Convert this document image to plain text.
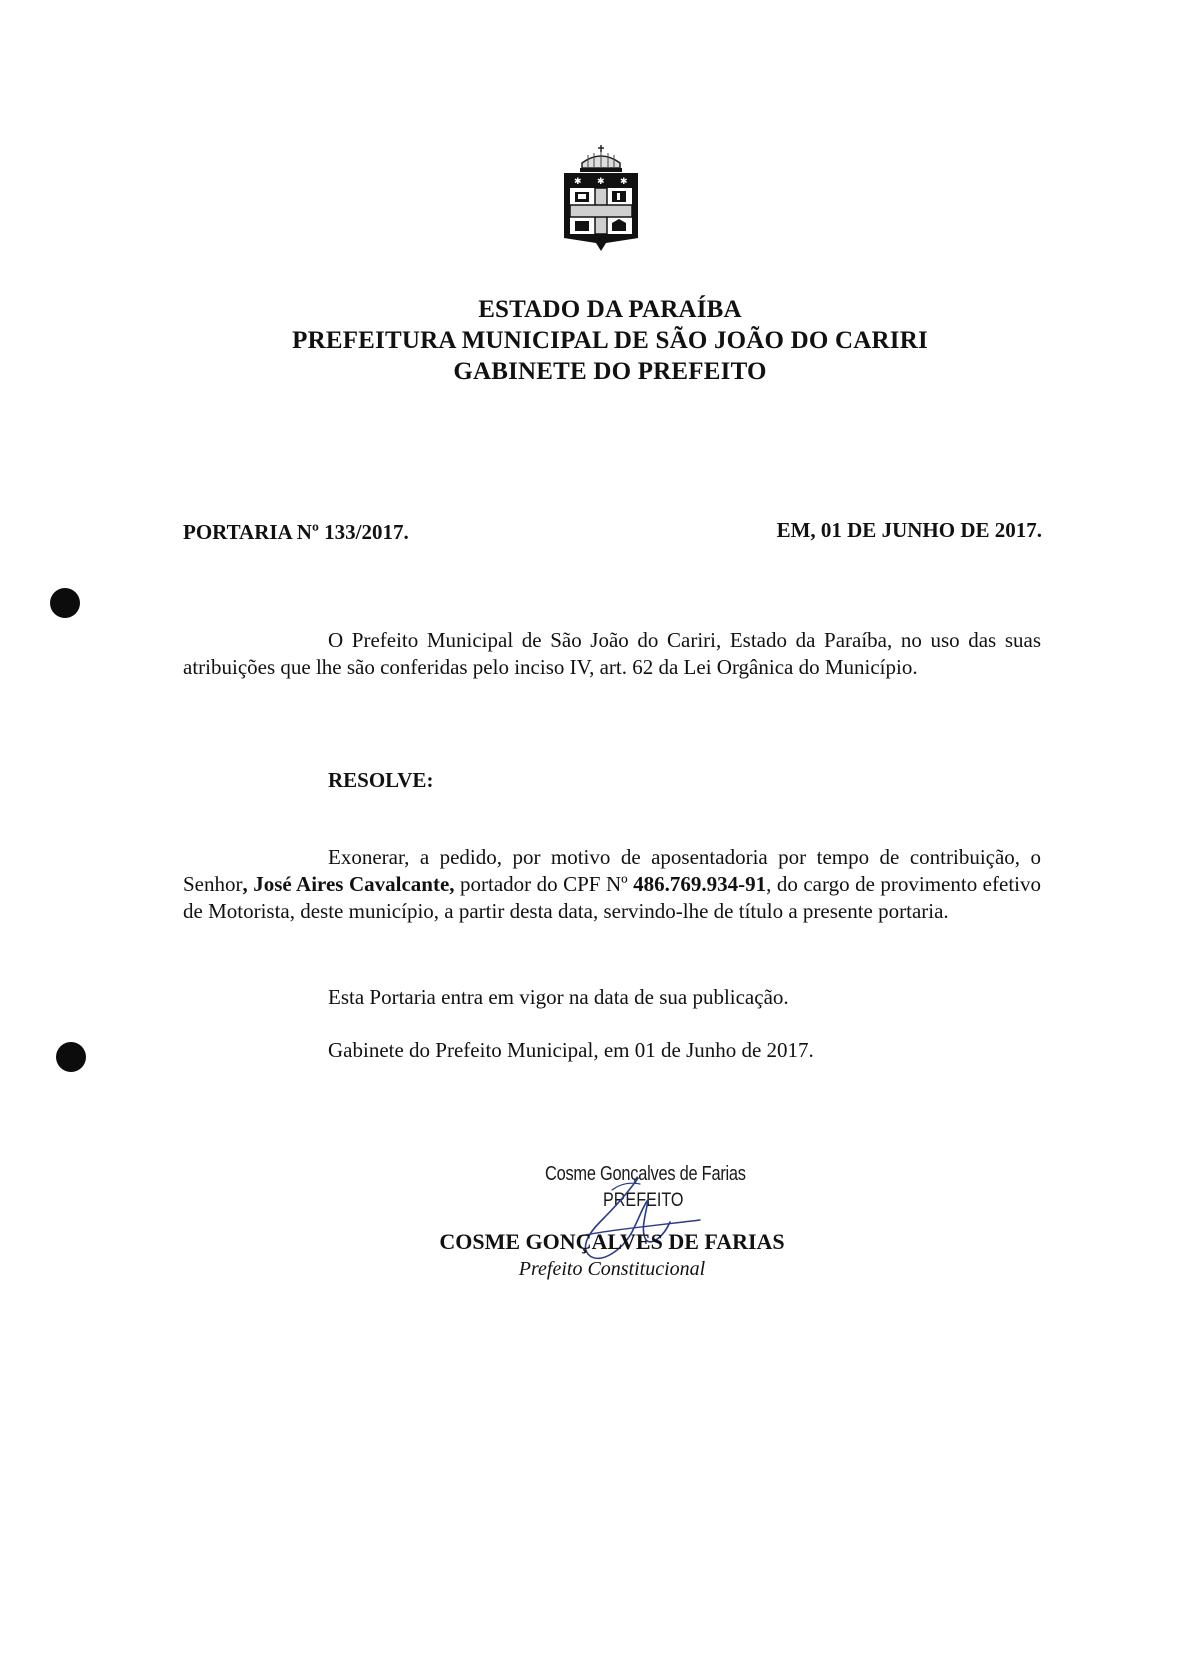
✱ ✱ ✱
ESTADO DA PARAÍBA
PREFEITURA MUNICIPAL DE SÃO JOÃO DO CARIRI
GABINETE DO PREFEITO
PORTARIA Nº 133/2017.	EM, 01 DE JUNHO DE 2017.

O Prefeito Municipal de São João do Cariri, Estado da Paraíba, no uso das suas atribuições que lhe são conferidas pelo inciso IV, art. 62 da Lei Orgânica do Município.

RESOLVE:

Exonerar, a pedido, por motivo de aposentadoria por tempo de contribuição, o Senhor, José Aires Cavalcante, portador do CPF Nº 486.769.934-91, do cargo de provimento efetivo de Motorista, deste município, a partir desta data, servindo-lhe de título a presente portaria.

Esta Portaria entra em vigor na data de sua publicação.
Gabinete do Prefeito Municipal, em 01 de Junho de 2017.
Cosme Gonçalves de Farias
PREFEITO
COSME GONÇALVES DE FARIAS
Prefeito Constitucional
